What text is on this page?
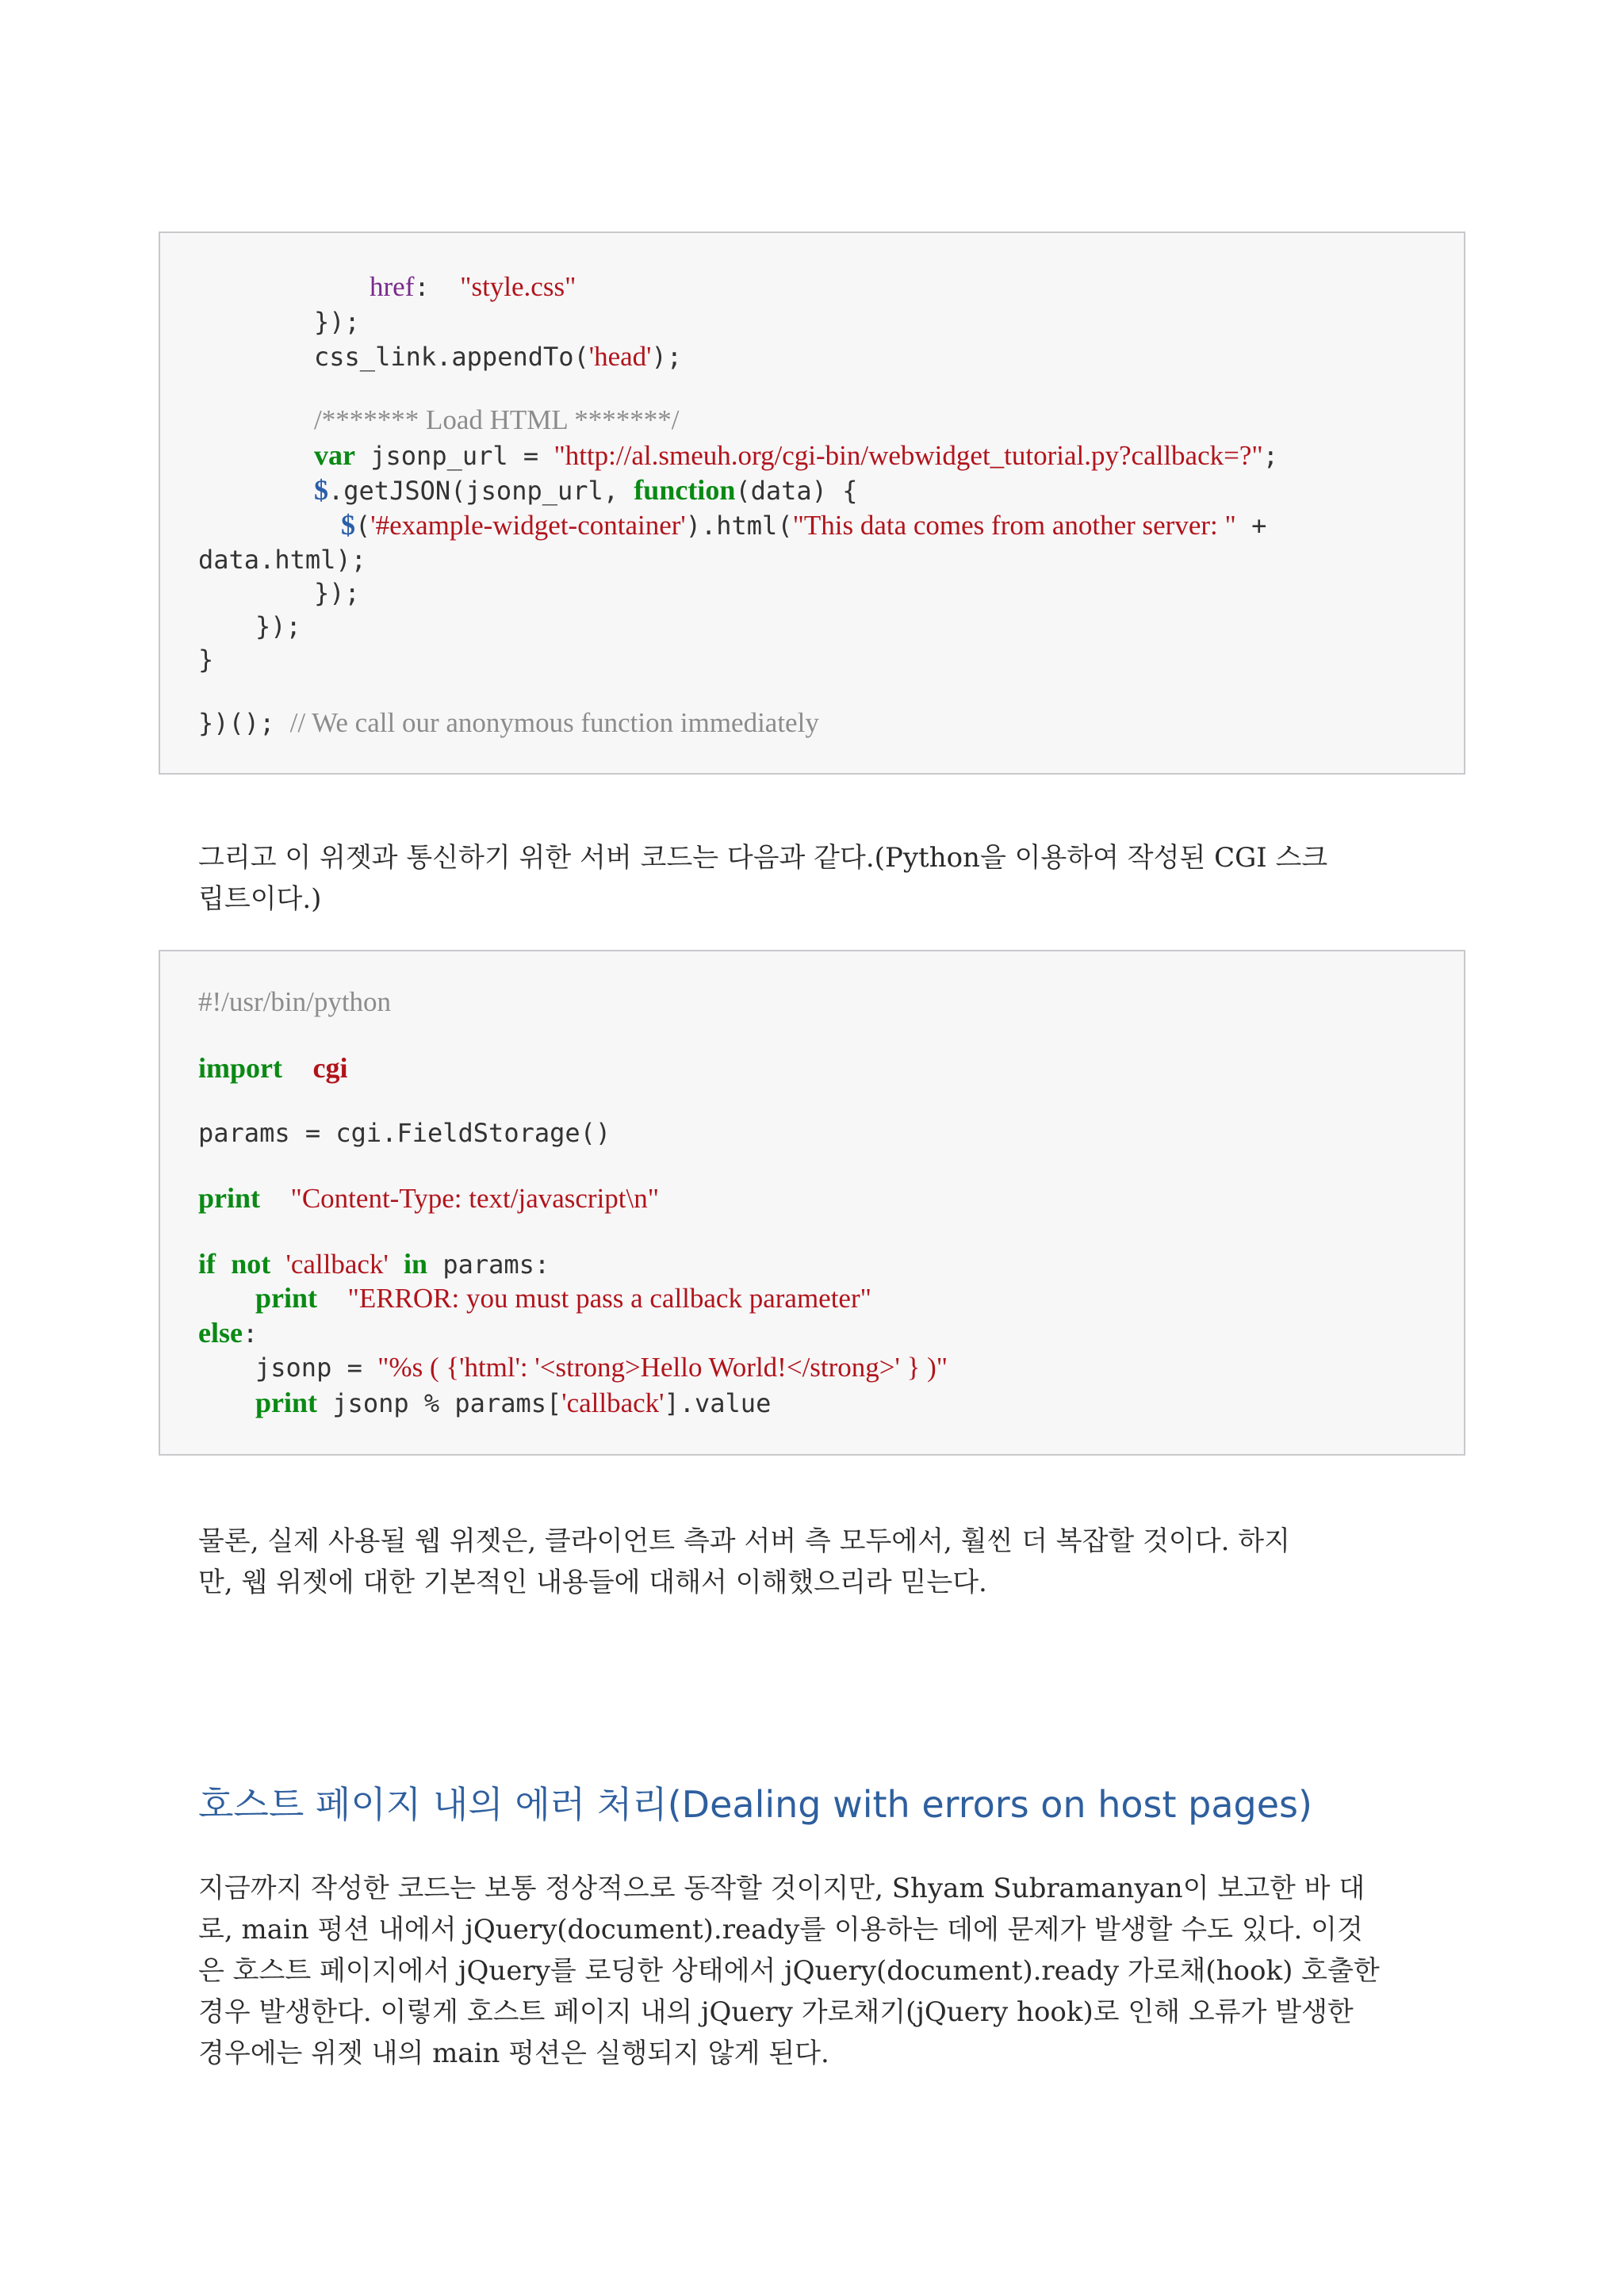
href:  "style.css"
});
css_link.appendTo('head');
/******* Load HTML *******/
var jsonp_url = "http://al.smeuh.org/cgi-bin/webwidget_tutorial.py?callback=?";
$.getJSON(jsonp_url, function(data) {
$('#example-widget-container').html("This data comes from another server: " +
data.html);
});
});
}
})(); // We call our anonymous function immediately
그리고 이 위젯과 통신하기 위한 서버 코드는 다음과 같다.(Python을 이용하여 작성된 CGI 스크
립트이다.)
#!/usr/bin/python
import cgi
params = cgi.FieldStorage()
print "Content-Type: text/javascript\n"
if not 'callback' in params:
print "ERROR: you must pass a callback parameter"
else:
jsonp = "%s ( {'html': '<strong>Hello World!</strong>' } )"
print jsonp % params['callback'].value
물론, 실제 사용될 웹 위젯은, 클라이언트 측과 서버 측 모두에서, 훨씬 더 복잡할 것이다. 하지
만, 웹 위젯에 대한 기본적인 내용들에 대해서 이해했으리라 믿는다.
호스트 페이지 내의 에러 처리(Dealing with errors on host pages)
지금까지 작성한 코드는 보통 정상적으로 동작할 것이지만, Shyam Subramanyan이 보고한 바 대
로, main 펑션 내에서 jQuery(document).ready를 이용하는 데에 문제가 발생할 수도 있다. 이것
은 호스트 페이지에서 jQuery를 로딩한 상태에서 jQuery(document).ready 가로채(hook) 호출한
경우 발생한다. 이렇게 호스트 페이지 내의 jQuery 가로채기(jQuery hook)로 인해 오류가 발생한
경우에는 위젯 내의 main 펑션은 실행되지 않게 된다.
